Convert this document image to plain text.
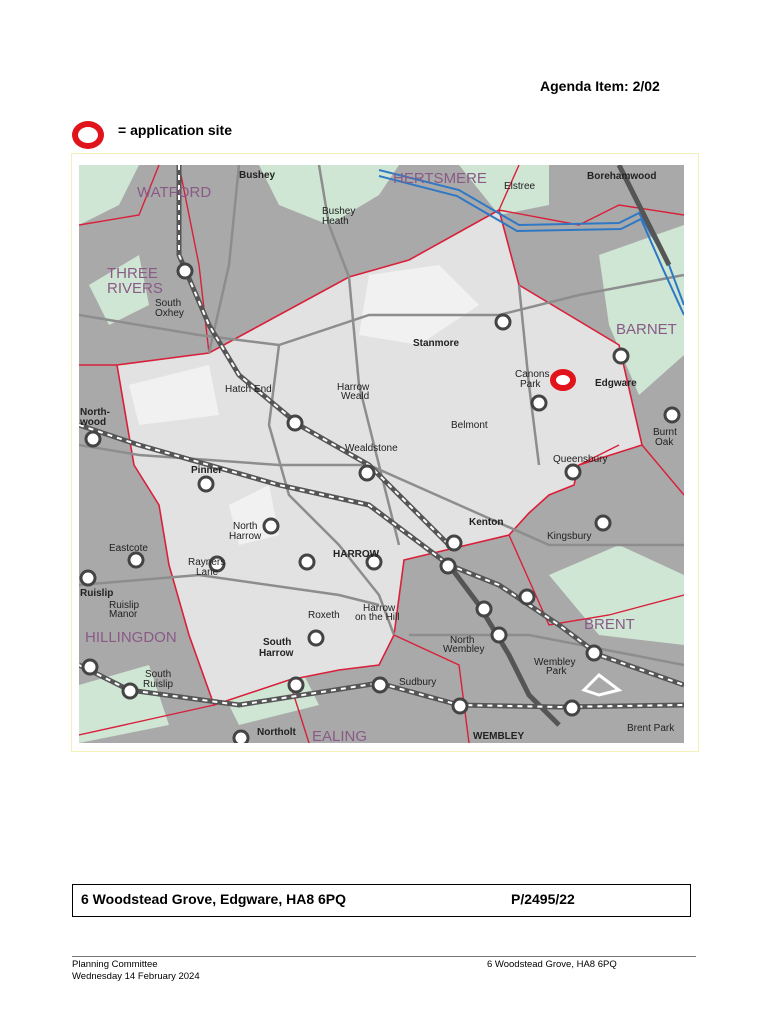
Agenda Item: 2/02
= application site
WATFORD
THREE
RIVERS
HERTSMERE
BARNET
HILLINGDON
BRENT
EALING
Bushey
Bushey
Heath
Elstree
Borehamwood
South
Oxhey
Stanmore
Canons
Park	Edgware
Hatch End	Harrow
Weald
Belmont
North-
wood
Burnt
Oak
Wealdstone
Queensbury
Pinner
Kenton
North
Harrow	Kingsbury
Eastcote
HARROW
Rayners
Lane
Ruislip
Ruislip
Manor	Roxeth
Harrow
on the Hill
South
Harrow
North
Wembley
Wembley
Park
South
Ruislip	Sudbury
Northolt	WEMBLEY
Brent Park
6 Woodstead Grove, Edgware, HA8 6PQ	P/2495/22
Planning Committee
Wednesday 14 February 2024
6 Woodstead Grove, HA8 6PQ
